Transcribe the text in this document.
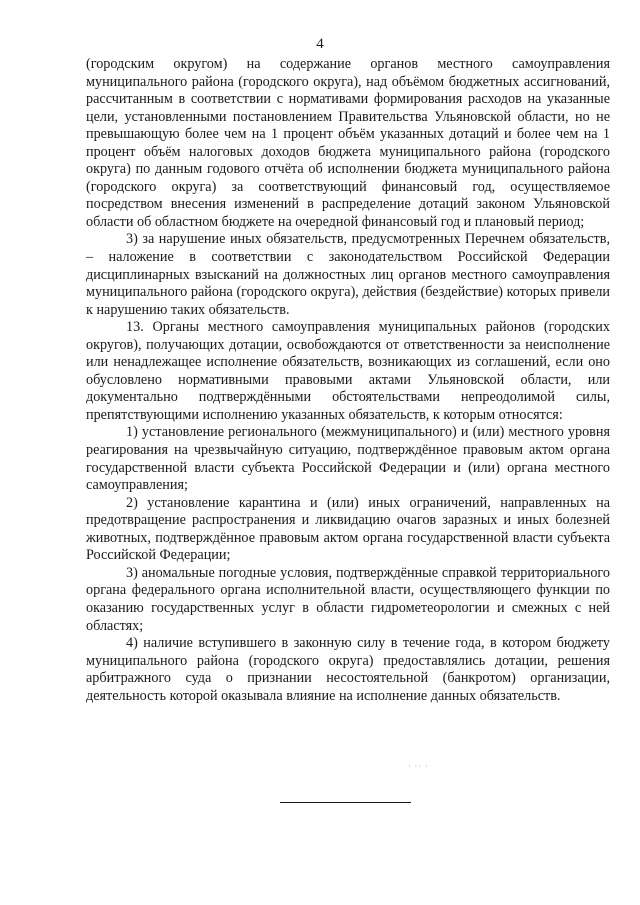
4

(городским округом) на содержание органов местного самоуправления муниципального района (городского округа), над объёмом бюджетных ассигнований, рассчитанным в соответствии с нормативами формирования расходов на указанные цели, установленными постановлением Правительства Ульяновской области, но не превышающую более чем на 1 процент объём указанных дотаций и более чем на 1 процент объём налоговых доходов бюджета муниципального района (городского округа) по данным годового отчёта об исполнении бюджета муниципального района (городского округа) за соответствующий финансовый год, осуществляемое посредством внесения изменений в распределение дотаций законом Ульяновской области об областном бюджете на очередной финансовый год и плановый период;

3) за нарушение иных обязательств, предусмотренных Перечнем обязательств, – наложение в соответствии с законодательством Российской Федерации дисциплинарных взысканий на должностных лиц органов местного самоуправления муниципального района (городского округа), действия (бездействие) которых привели к нарушению таких обязательств.

13. Органы местного самоуправления муниципальных районов (городских округов), получающих дотации, освобождаются от ответственности за неисполнение или ненадлежащее исполнение обязательств, возникающих из соглашений, если оно обусловлено нормативными правовыми актами Ульяновской области, или документально подтверждёнными обстоятельствами непреодолимой силы, препятствующими исполнению указанных обязательств, к которым относятся:

1) установление регионального (межмуниципального) и (или) местного уровня реагирования на чрезвычайную ситуацию, подтверждённое правовым актом органа государственной власти субъекта Российской Федерации и (или) органа местного самоуправления;

2) установление карантина и (или) иных ограничений, направленных на предотвращение распространения и ликвидацию очагов заразных и иных болезней животных, подтверждённое правовым актом органа государственной власти субъекта Российской Федерации;

3) аномальные погодные условия, подтверждённые справкой территориального органа федерального органа исполнительной власти, осуществляющего функции по оказанию государственных услуг в области гидрометеорологии и смежных с ней областях;

4) наличие вступившего в законную силу в течение года, в котором бюджету муниципального района (городского округа) предоставлялись дотации, решения арбитражного суда о признании несостоятельной (банкротом) организации, деятельность которой оказывала влияние на исполнение данных обязательств.

· ·· ·
